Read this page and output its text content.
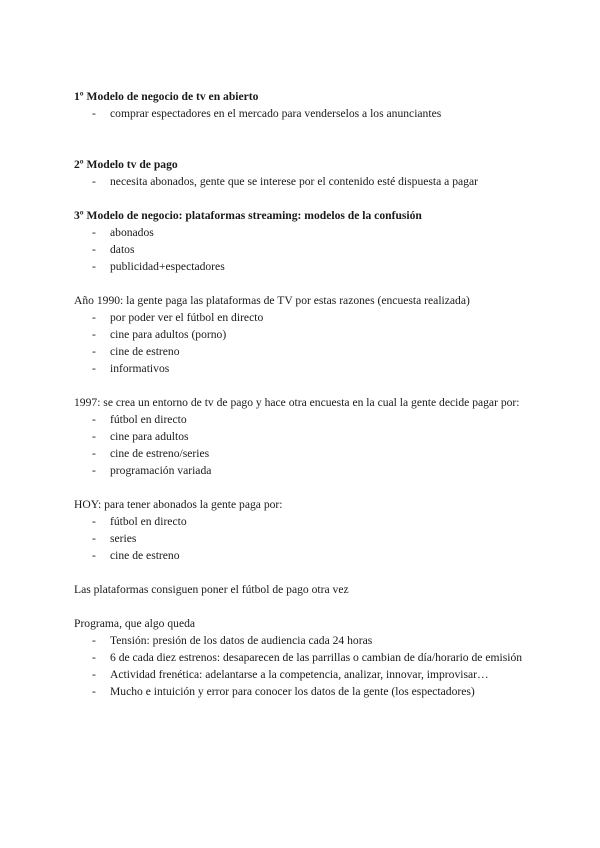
1º Modelo de negocio de tv en abierto

- comprar espectadores en el mercado para venderselos a los anunciantes

2º Modelo tv de pago

- necesita abonados, gente que se interese por el contenido esté dispuesta a pagar

3º Modelo de negocio: plataformas streaming: modelos de la confusión

- abonados
- datos
- publicidad+espectadores

Año 1990: la gente paga las plataformas de TV por estas razones (encuesta realizada)

- por poder ver el fútbol en directo
- cine para adultos (porno)
- cine de estreno
- informativos

1997: se crea un entorno de tv de pago y hace otra encuesta en la cual la gente decide pagar por:

- fútbol en directo
- cine para adultos
- cine de estreno/series
- programación variada

HOY: para tener abonados la gente paga por:

- fútbol en directo
- series
- cine de estreno

Las plataformas consiguen poner el fútbol de pago otra vez

Programa, que algo queda

- Tensión: presión de los datos de audiencia cada 24 horas
- 6 de cada diez estrenos: desaparecen de las parrillas o cambian de día/horario de emisión
- Actividad frenética: adelantarse a la competencia, analizar, innovar, improvisar…
- Mucho e intuición y error para conocer los datos de la gente (los espectadores)
